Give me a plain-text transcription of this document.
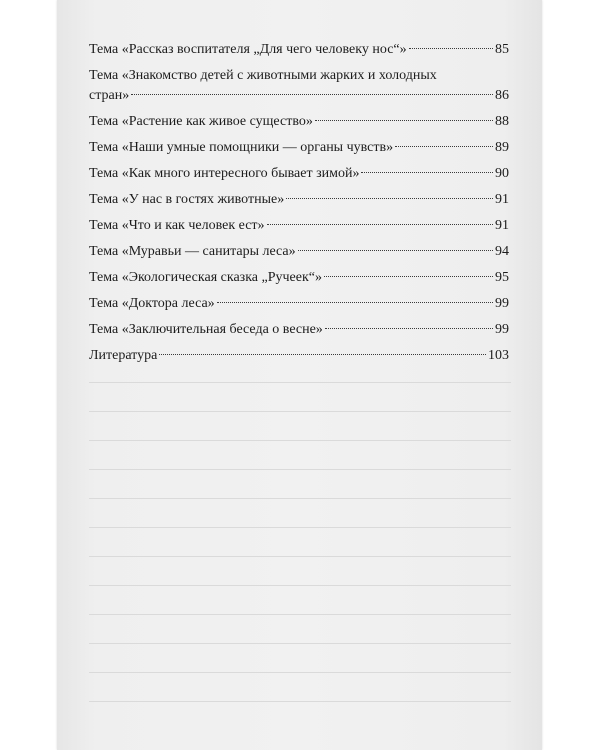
Тема «Рассказ воспитателя „Для чего человеку нос“»	85
Тема «Знакомство детей с животными жарких и холодных
стран»	86
Тема «Растение как живое существо»	88
Тема «Наши умные помощники — органы чувств»	89
Тема «Как много интересного бывает зимой»	90
Тема «У нас в гостях животные»	91
Тема «Что и как человек ест»	91
Тема «Муравьи — санитары леса»	94
Тема «Экологическая сказка „Ручеек“»	95
Тема «Доктора леса»	99
Тема «Заключительная беседа о весне»	99
Литература	103
